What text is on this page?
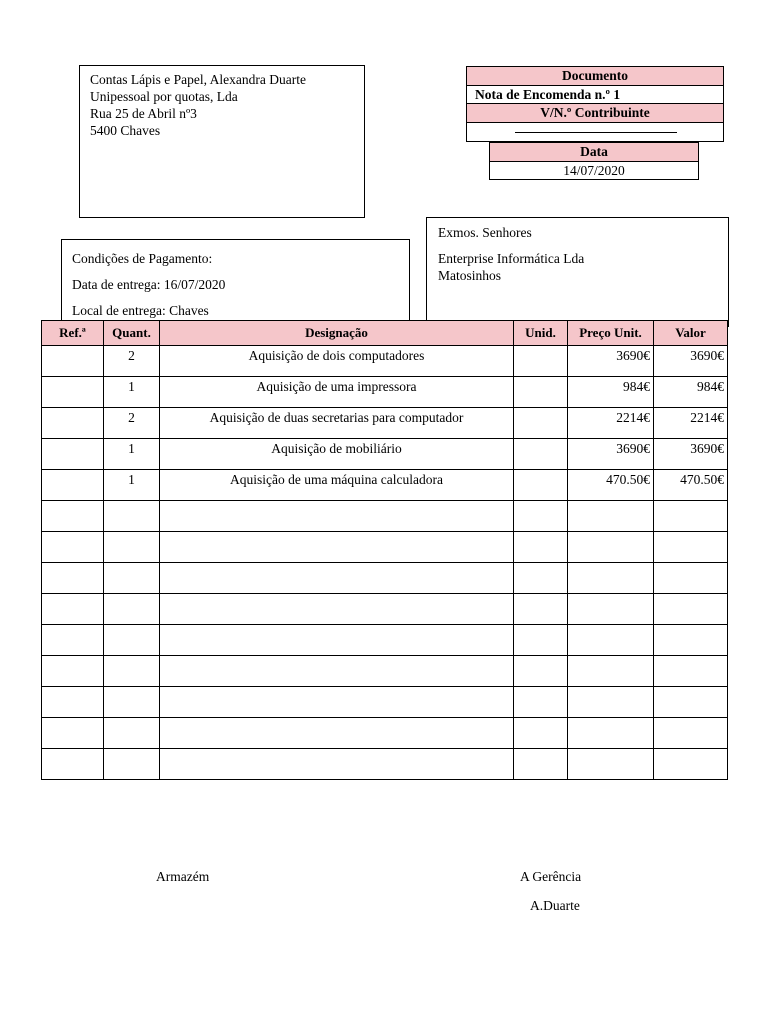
Contas Lápis e Papel, Alexandra Duarte
Unipessoal por quotas, Lda
Rua 25 de Abril nº3
5400 Chaves
Documento
Nota de Encomenda n.º 1
V/N.º Contribuinte
Data
14/07/2020
Exmos. Senhores
Enterprise Informática Lda
Matosinhos
Condições de Pagamento:
Data de entrega: 16/07/2020
Local de entrega: Chaves
Ref.ª	Quant.	Designação	Unid.	Preço Unit.	Valor
	2	Aquisição de dois computadores		3690€	3690€
	1	Aquisição de uma impressora		984€	984€
	2	Aquisição de duas secretarias para computador		2214€	2214€
	1	Aquisição de mobiliário		3690€	3690€
	1	Aquisição de uma máquina calculadora		470.50€	470.50€

Armazém	A Gerência
A.Duarte
